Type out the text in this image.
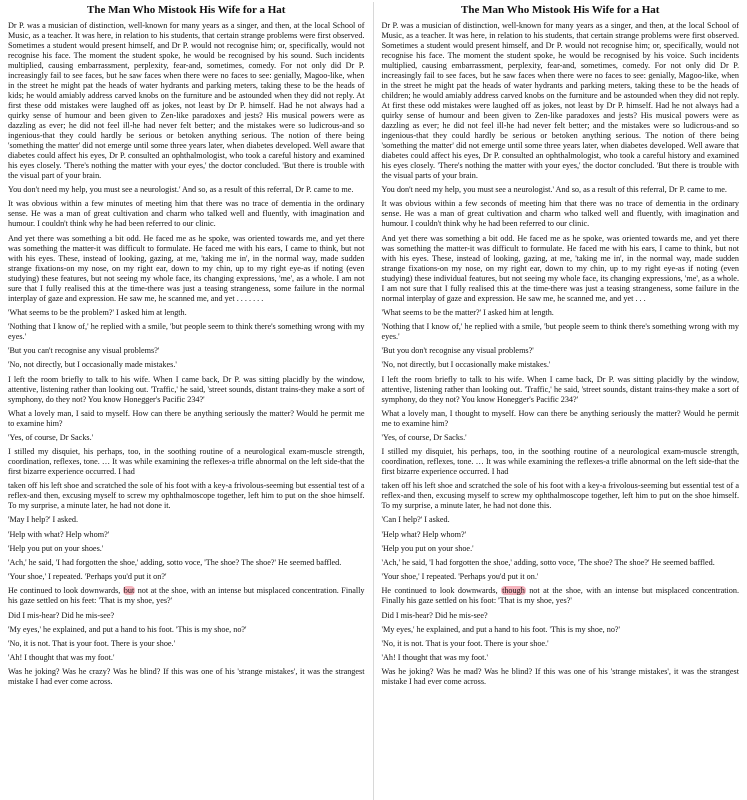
The Man Who Mistook His Wife for a Hat

Dr P. was a musician of distinction, well-known for many years as a singer, and then, at the local School of Music, as a teacher. It was here, in relation to his students, that certain strange problems were first observed. Sometimes a student would present himself, and Dr P. would not recognise him; or, specifically, would not recognise his face. The moment the student spoke, he would be recognised by his sound. Such incidents multiplied, causing embarrassment, perplexity, fear-and, sometimes, comedy. For not only did Dr P. increasingly fail to see faces, but he saw faces when there were no faces to see: genially, Magoo-like, when in the street he might pat the heads of water hydrants and parking meters, taking these to be the heads of kids; he would amiably address carved knobs on the furniture and be astounded when they did not reply. At first these odd mistakes were laughed off as jokes, not least by Dr P. himself. Had he not always had a quirky sense of humour and been given to Zen-like paradoxes and jests? His musical powers were as dazzling as ever; he did not feel ill-he had never felt better; and the mistakes were so ludicrous-and so ingenious-that they could hardly be serious or betoken anything serious. The notion of there being 'something the matter' did not emerge until some three years later, when diabetes developed. Well aware that diabetes could affect his eyes, Dr P. consulted an ophthalmologist, who took a careful history and examined his eyes closely. 'There's nothing the matter with your eyes,' the doctor concluded. 'But there is trouble with the visual part of your brain.

You don't need my help, you must see a neurologist.' And so, as a result of this referral, Dr P. came to me.

It was obvious within a few minutes of meeting him that there was no trace of dementia in the ordinary sense. He was a man of great cultivation and charm who talked well and fluently, with imagination and humour. I couldn't think why he had been referred to our clinic.

And yet there was something a bit odd. He faced me as he spoke, was oriented towards me, and yet there was something the matter-it was difficult to formulate. He faced me with his ears, I came to think, but not with his eyes. These, instead of looking, gazing, at me, 'taking me in', in the normal way, made sudden strange fixations-on my nose, on my right ear, down to my chin, up to my right eye-as if noting (even studying) these features, but not seeing my whole face, its changing expressions, 'me', as a whole. I am not sure that I fully realised this at the time-there was just a teasing strangeness, some failure in the normal interplay of gaze and expression. He saw me, he scanned me, and yet . . . . . . .

'What seems to be the problem?' I asked him at length.

'Nothing that I know of,' he replied with a smile, 'but people seem to think there's something wrong with my eyes.'

'But you can't recognise any visual problems?'

'No, not directly, but I occasionally made mistakes.'

I left the room briefly to talk to his wife. When I came back, Dr P. was sitting placidly by the window, attentive, listening rather than looking out. 'Traffic,' he said, 'street sounds, distant trains-they make a sort of symphony, do they not? You know Honegger's Pacific 234?'

What a lovely man, I said to myself. How can there be anything seriously the matter? Would he permit me to examine him?

'Yes, of course, Dr Sacks.'

I stilled my disquiet, his perhaps, too, in the soothing routine of a neurological exam-muscle strength, coordination, reflexes, tone. … It was while examining the reflexes-a trifle abnormal on the left side-that the first bizarre experience occurred. I had

taken off his left shoe and scratched the sole of his foot with a key-a frivolous-seeming but essential test of a reflex-and then, excusing myself to screw my ophthalmoscope together, left him to put on the shoe himself. To my surprise, a minute later, he had not done it.

'May I help?' I asked.

'Help with what? Help whom?'

'Help you put on your shoes.'

'Ach,' he said, 'I had forgotten the shoe,' adding, sotto voce, 'The shoe? The shoe?' He seemed baffled.

'Your shoe,' I repeated. 'Perhaps you'd put it on?'

He continued to look downwards, but not at the shoe, with an intense but misplaced concentration. Finally his gaze settled on his feet: 'That is my shoe, yes?'

Did I mis-hear? Did he mis-see?

'My eyes,' he explained, and put a hand to his foot. 'This is my shoe, no?'

'No, it is not. That is your foot. There is your shoe.'

'Ah! I thought that was my foot.'

Was he joking? Was he crazy? Was he blind? If this was one of his 'strange mistakes', it was the strangest mistake I had ever come across.

The Man Who Mistook His Wife for a Hat

Dr P. was a musician of distinction, well-known for many years as a singer, and then, at the local School of Music, as a teacher. It was here, in relation to his students, that certain strange problems were first observed. Sometimes a student would present himself, and Dr P. would not recognise him; or, specifically, would not recognise his face. The moment the student spoke, he would be recognised by his voice. Such incidents multiplied, causing embarrassment, perplexity, fear-and, sometimes, comedy. For not only did Dr P. increasingly fail to see faces, but he saw faces when there were no faces to see: genially, Magoo-like, when in the street he might pat the heads of water hydrants and parking meters, taking these to be the heads of children; he would amiably address carved knobs on the furniture and be astounded when they did not reply. At first these odd mistakes were laughed off as jokes, not least by Dr P. himself. Had he not always had a quirky sense of humour and been given to Zen-like paradoxes and jests? His musical powers were as dazzling as ever; he did not feel ill-he had never felt better; and the mistakes were so ludicrous-and so ingenious-that they could hardly be serious or betoken anything serious. The notion of there being 'something the matter' did not emerge until some three years later, when diabetes developed. Well aware that diabetes could affect his eyes, Dr P. consulted an ophthalmologist, who took a careful history and examined his eyes closely. 'There's nothing the matter with your eyes,' the doctor concluded. 'But there is trouble with the visual parts of your brain.

You don't need my help, you must see a neurologist.' And so, as a result of this referral, Dr P. came to me.

It was obvious within a few seconds of meeting him that there was no trace of dementia in the ordinary sense. He was a man of great cultivation and charm who talked well and fluently, with imagination and humour. I couldn't think why he had been referred to our clinic.

And yet there was something a bit odd. He faced me as he spoke, was oriented towards me, and yet there was something the matter-it was difficult to formulate. He faced me with his ears, I came to think, but not with his eyes. These, instead of looking, gazing, at me, 'taking me in', in the normal way, made sudden strange fixations-on my nose, on my right ear, down to my chin, up to my right eye-as if noting (even studying) these individual features, but not seeing my whole face, its changing expressions, 'me', as a whole. I am not sure that I fully realised this at the time-there was just a teasing strangeness, some failure in the normal interplay of gaze and expression. He saw me, he scanned me, and yet . . .

'What seems to be the matter?' I asked him at length.

'Nothing that I know of,' he replied with a smile, 'but people seem to think there's something wrong with my eyes.'

'But you don't recognise any visual problems?'

'No, not directly, but I occasionally make mistakes.'

I left the room briefly to talk to his wife. When I came back, Dr P. was sitting placidly by the window, attentive, listening rather than looking out. 'Traffic,' he said, 'street sounds, distant trains-they make a sort of symphony, do they not? You know Honegger's Pacific 234?'

What a lovely man, I thought to myself. How can there be anything seriously the matter? Would he permit me to examine him?

'Yes, of course, Dr Sacks.'

I stilled my disquiet, his perhaps, too, in the soothing routine of a neurological exam-muscle strength, coordination, reflexes, tone. … It was while examining the reflexes-a trifle abnormal on the left side-that the first bizarre experience occurred. I had

taken off his left shoe and scratched the sole of his foot with a key-a frivolous-seeming but essential test of a reflex-and then, excusing myself to screw my ophthalmoscope together, left him to put on the shoe himself. To my surprise, a minute later, he had not done this.

'Can I help?' I asked.

'Help what? Help whom?'

'Help you put on your shoe.'

'Ach,' he said, 'I had forgotten the shoe,' adding, sotto voce, 'The shoe? The shoe?' He seemed baffled.

'Your shoe,' I repeated. 'Perhaps you'd put it on.'

He continued to look downwards, though not at the shoe, with an intense but misplaced concentration. Finally his gaze settled on his foot: 'That is my shoe, yes?'

Did I mis-hear? Did he mis-see?

'My eyes,' he explained, and put a hand to his foot. 'This is my shoe, no?'

'No, it is not. That is your foot. There is your shoe.'

'Ah! I thought that was my foot.'

Was he joking? Was he mad? Was he blind? If this was one of his 'strange mistakes', it was the strangest mistake I had ever come across.
